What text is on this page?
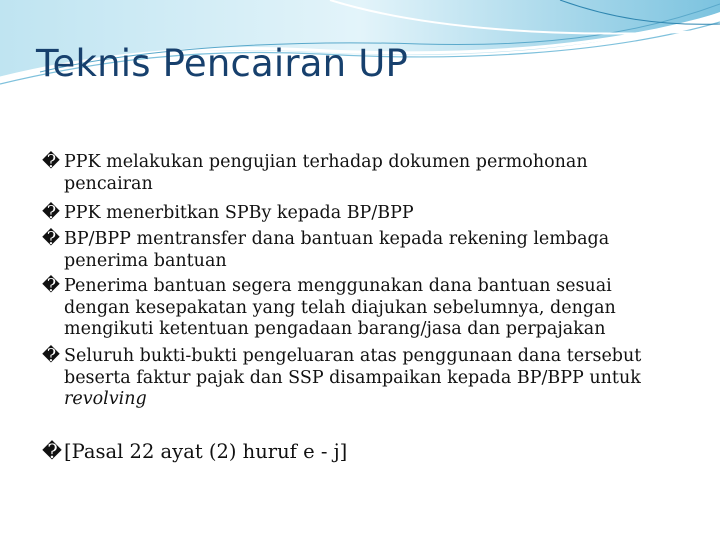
Teknis Pencairan UP
� PPK melakukan pengujian terhadap dokumen permohonan pencairan
� PPK menerbitkan SPBy kepada BP/BPP
� BP/BPP mentransfer dana bantuan kepada rekening lembaga penerima bantuan
� Penerima bantuan segera menggunakan dana bantuan sesuai dengan kesepakatan yang telah diajukan sebelumnya, dengan mengikuti ketentuan pengadaan barang/jasa dan perpajakan
� Seluruh bukti-bukti pengeluaran atas penggunaan dana tersebut beserta faktur pajak dan SSP disampaikan kepada BP/BPP untuk revolving
� [Pasal 22 ayat (2) huruf e - j]
